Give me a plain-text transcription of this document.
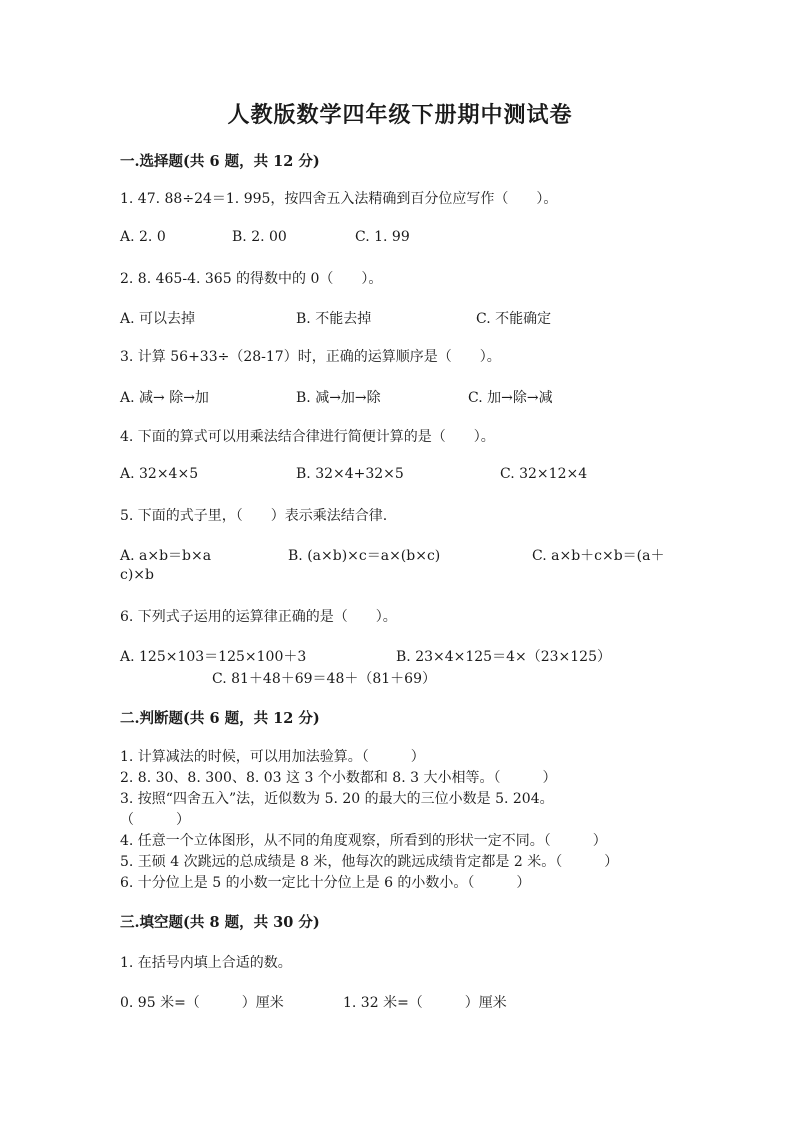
人教版数学四年级下册期中测试卷
一.选择题(共 6 题，共 12 分)
1. 47. 88÷24＝1. 995，按四舍五入法精确到百分位应写作（　　）。
A. 2. 0	B. 2. 00	C. 1. 99
2. 8. 465-4. 365 的得数中的 0（　　）。
A. 可以去掉	B. 不能去掉	C. 不能确定
3. 计算 56+33÷（28-17）时，正确的运算顺序是（　　）。
A. 减→ 除→加	B. 减→加→除	C. 加→除→减
4. 下面的算式可以用乘法结合律进行简便计算的是（　　）。
A. 32×4×5	B. 32×4+32×5	C. 32×12×4
5. 下面的式子里，（　　）表示乘法结合律.
A. a×b＝b×a	B. (a×b)×c＝a×(b×c)	C. a×b＋c×b＝(a＋
c)×b
6. 下列式子运用的运算律正确的是（　　）。
A. 125×103＝125×100＋3	B. 23×4×125＝4×（23×125）
C. 81＋48＋69＝48＋（81＋69）
二.判断题(共 6 题，共 12 分)
1. 计算减法的时候，可以用加法验算。（　　　）
2. 8. 30、8. 300、8. 03 这 3 个小数都和 8. 3 大小相等。（　　　）
3. 按照“四舍五入”法，近似数为 5. 20 的最大的三位小数是 5. 204。
（　　　）
4. 任意一个立体图形，从不同的角度观察，所看到的形状一定不同。（　　　）
5. 王硕 4 次跳远的总成绩是 8 米，他每次的跳远成绩肯定都是 2 米。（　　　）
6. 十分位上是 5 的小数一定比十分位上是 6 的小数小。（　　　）
三.填空题(共 8 题，共 30 分)
1. 在括号内填上合适的数。
0. 95 米=（　　　）厘米	1. 32 米=（　　　）厘米
